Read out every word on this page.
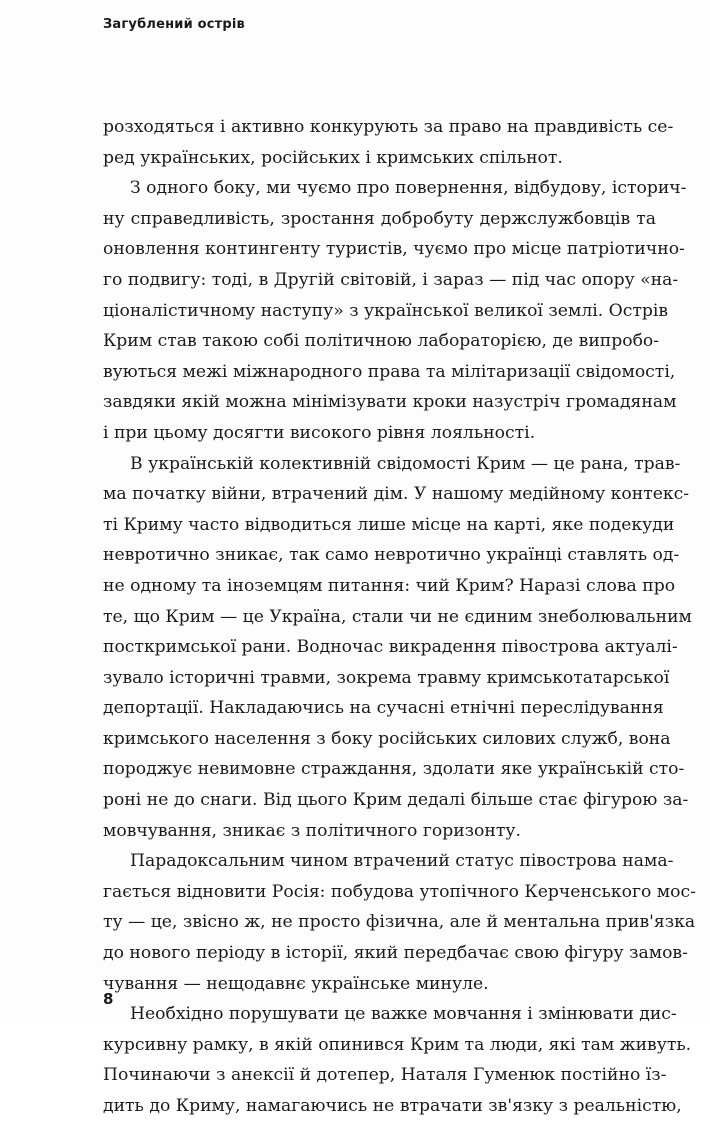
Загублений острів
розходяться і активно конкурують за право на правдивість се-
ред українських, російських і кримських спільнот.
З одного боку, ми чуємо про повернення, відбудову, історич-
ну справедливість, зростання добробуту держслужбовців та
оновлення контингенту туристів, чуємо про місце патріотично-
го подвигу: тоді, в Другій світовій, і зараз — під час опору «на-
ціоналістичному наступу» з української великої землі. Острів
Крим став такою собі політичною лабораторією, де випробо-
вуються межі міжнародного права та мілітаризації свідомості,
завдяки якій можна мінімізувати кроки назустріч громадянам
і при цьому досягти високого рівня лояльності.
В українській колективній свідомості Крим — це рана, трав-
ма початку війни, втрачений дім. У нашому медійному контекс-
ті Криму часто відводиться лише місце на карті, яке подекуди
невротично зникає, так само невротично українці ставлять од-
не одному та іноземцям питання: чий Крим? Наразі слова про
те, що Крим — це Україна, стали чи не єдиним знеболювальним
посткримської рани. Водночас викрадення півострова актуалі-
зувало історичні травми, зокрема травму кримськотатарської
депортації. Накладаючись на сучасні етнічні переслідування
кримського населення з боку російських силових служб, вона
породжує невимовне страждання, здолати яке українській сто-
роні не до снаги. Від цього Крим дедалі більше стає фігурою за-
мовчування, зникає з політичного горизонту.
Парадоксальним чином втрачений статус півострова нама-
гається відновити Росія: побудова утопічного Керченського мос-
ту — це, звісно ж, не просто фізична, але й ментальна прив'язка
до нового періоду в історії, який передбачає свою фігуру замов-
чування — нещодавнє українське минуле.
Необхідно порушувати це важке мовчання і змінювати дис-
курсивну рамку, в якій опинився Крим та люди, які там живуть.
Починаючи з анексії й дотепер, Наталя Гуменюк постійно їз-
дить до Криму, намагаючись не втрачати зв'язку з реальністю,
8
